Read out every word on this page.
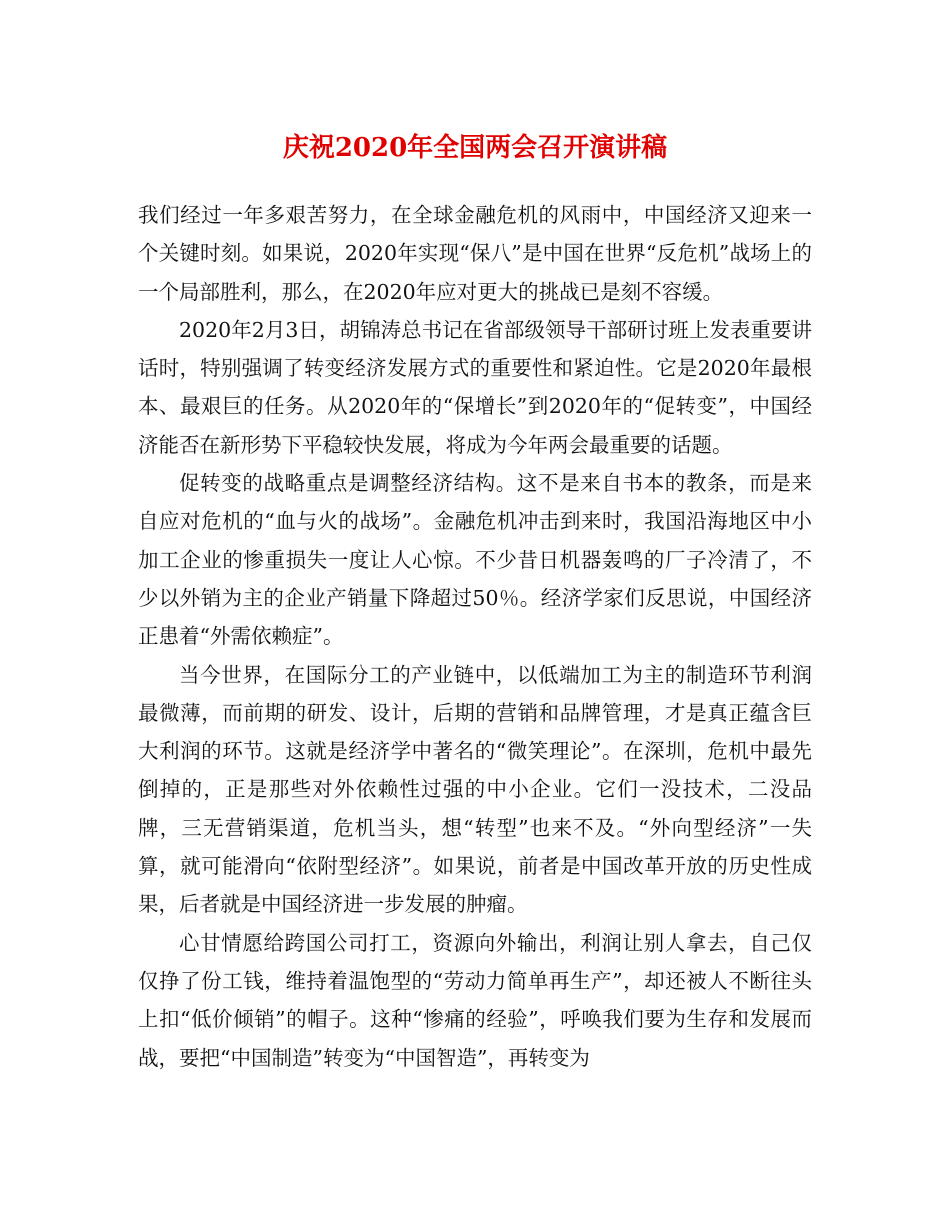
庆祝2020年全国两会召开演讲稿

我们经过一年多艰苦努力，在全球金融危机的风雨中，中国经济又迎来一个关键时刻。如果说，2020年实现“保八”是中国在世界“反危机”战场上的一个局部胜利，那么，在2020年应对更大的挑战已是刻不容缓。

2020年2月3日，胡锦涛总书记在省部级领导干部研讨班上发表重要讲话时，特别强调了转变经济发展方式的重要性和紧迫性。它是2020年最根本、最艰巨的任务。从2020年的“保增长”到2020年的“促转变”，中国经济能否在新形势下平稳较快发展，将成为今年两会最重要的话题。

促转变的战略重点是调整经济结构。这不是来自书本的教条，而是来自应对危机的“血与火的战场”。金融危机冲击到来时，我国沿海地区中小加工企业的惨重损失一度让人心惊。不少昔日机器轰鸣的厂子冷清了，不少以外销为主的企业产销量下降超过50％。经济学家们反思说，中国经济正患着“外需依赖症”。

当今世界，在国际分工的产业链中，以低端加工为主的制造环节利润最微薄，而前期的研发、设计，后期的营销和品牌管理，才是真正蕴含巨大利润的环节。这就是经济学中著名的“微笑理论”。在深圳，危机中最先倒掉的，正是那些对外依赖性过强的中小企业。它们一没技术，二没品牌，三无营销渠道，危机当头，想“转型”也来不及。“外向型经济”一失算，就可能滑向“依附型经济”。如果说，前者是中国改革开放的历史性成果，后者就是中国经济进一步发展的肿瘤。

心甘情愿给跨国公司打工，资源向外输出，利润让别人拿去，自己仅仅挣了份工钱，维持着温饱型的“劳动力简单再生产”，却还被人不断往头上扣“低价倾销”的帽子。这种“惨痛的经验”，呼唤我们要为生存和发展而战，要把“中国制造”转变为“中国智造”，再转变为
